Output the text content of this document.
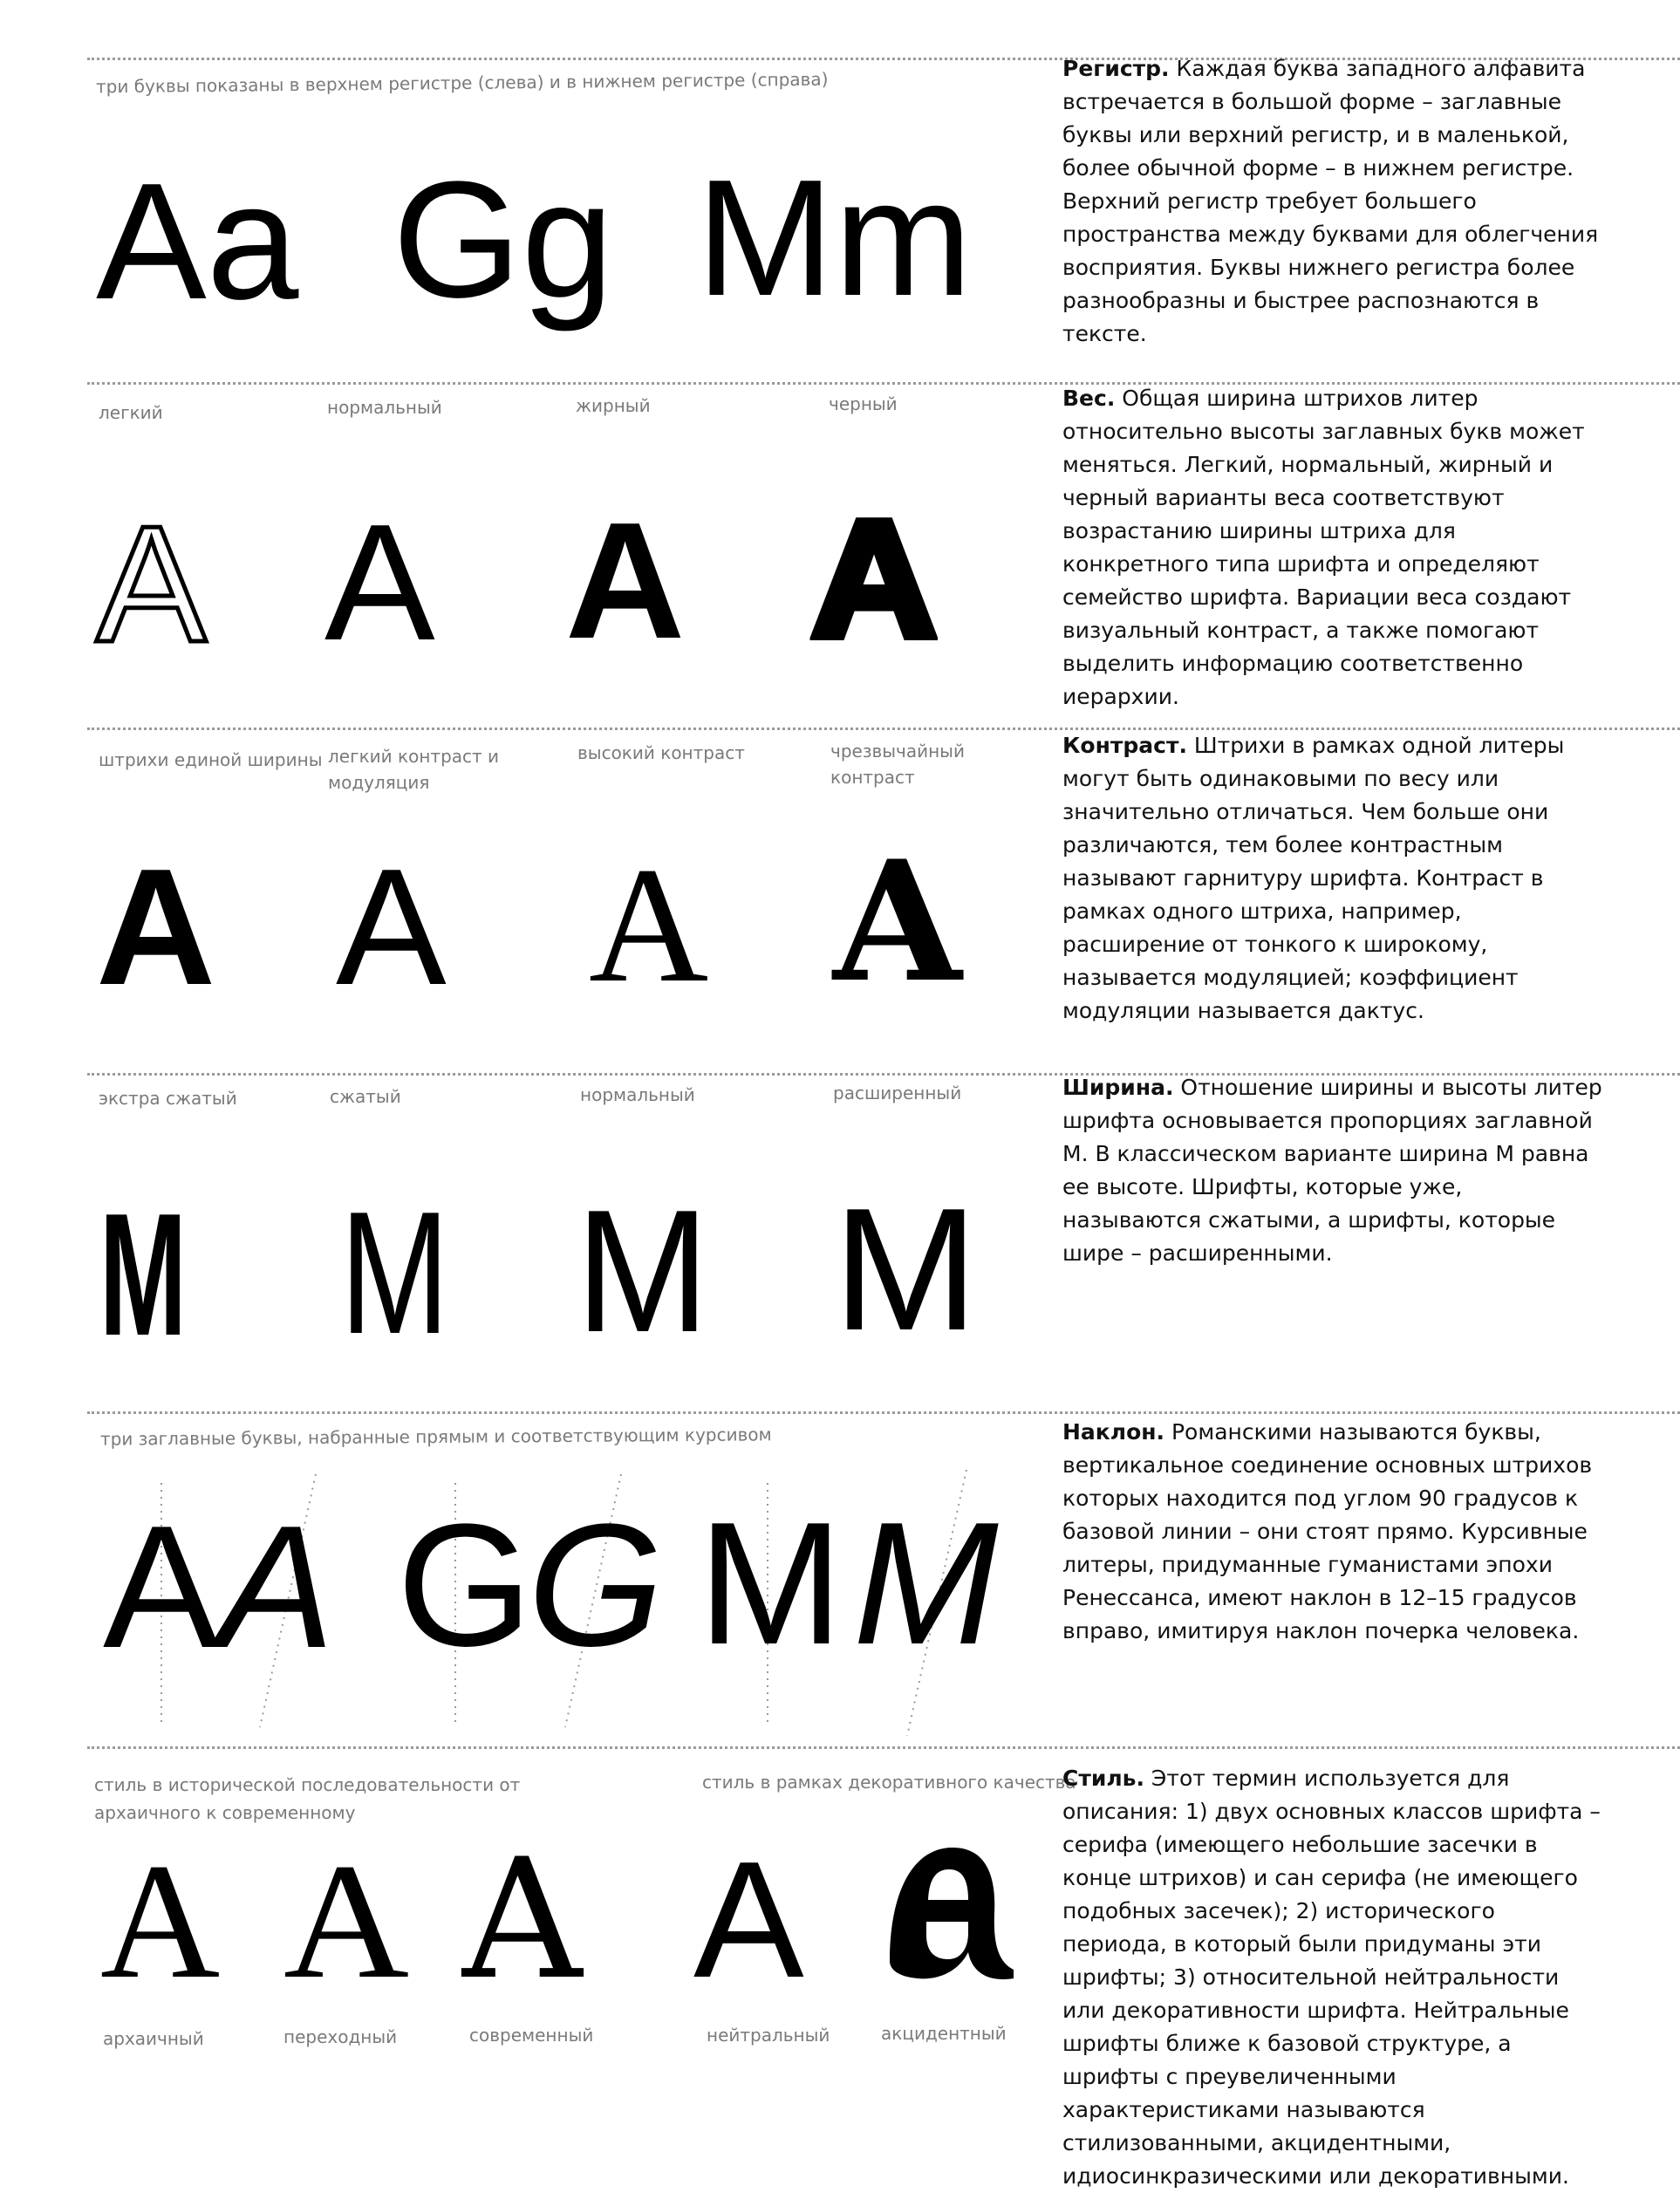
три буквы показаны в верхнем регистре (слева) и в нижнем регистре (справа)
Aa Gg Mm

Регистр. Каждая буква западного алфавита встречается в большой форме – заглавные буквы или верхний регистр, и в маленькой, более обычной форме – в нижнем регистре. Верхний регистр требует большего пространства между буквами для облегчения восприятия. Буквы нижнего регистра более разнообразны и быстрее распознаются в тексте.

легкий	нормальный	жирный	черный
A A A A

Вес. Общая ширина штрихов литер относительно высоты заглавных букв может меняться. Легкий, нормальный, жирный и черный варианты веса соответствуют возрастанию ширины штриха для конкретного типа шрифта и определяют семейство шрифта. Вариации веса создают визуальный контраст, а также помогают выделить информацию соответственно иерархии.

штрихи единой ширины легкий контраст и модуляция
высокий контраст	чрезвычайный контраст
A A A A

Контраст. Штрихи в рамках одной литеры могут быть одинаковыми по весу или значительно отличаться. Чем больше они различаются, тем более контрастным называют гарнитуру шрифта. Контраст в рамках одного штриха, например, расширение от тонкого к широкому, называется модуляцией; коэффициент модуляции называется дактус.

экстра сжатый	сжатый	нормальный	расширенный
M M M M

Ширина. Отношение ширины и высоты литер шрифта основывается пропорциях заглавной М. В классическом варианте ширина М равна ее высоте. Шрифты, которые уже, называются сжатыми, а шрифты, которые шире – расширенными.

три заглавные буквы, набранные прямым и соответствующим курсивом
A
A G
G M M

Наклон. Романскими называются буквы, вертикальное соединение основных штрихов которых находится под углом 90 градусов к базовой линии – они стоят прямо. Курсивные литеры, придуманные гуманистами эпохи Ренессанса, имеют наклон в 12–15 градусов вправо, имитируя наклон почерка человека.

стиль в исторической последовательности от архаичного к современному
стиль в рамках декоративного качества
A A A A
архаичный	переходный	современный	нейтральный	акцидентный

Стиль. Этот термин используется для описания: 1) двух основных классов шрифта – серифа (имеющего небольшие засечки в конце штрихов) и сан серифа (не имеющего подобных засечек); 2) исторического периода, в который были придуманы эти шрифты; 3) относительной нейтральности или декоративности шрифта. Нейтральные шрифты ближе к базовой структуре, а шрифты с преувеличенными характеристиками называются стилизованными, акцидентными, идиосинкразическими или декоративными.
